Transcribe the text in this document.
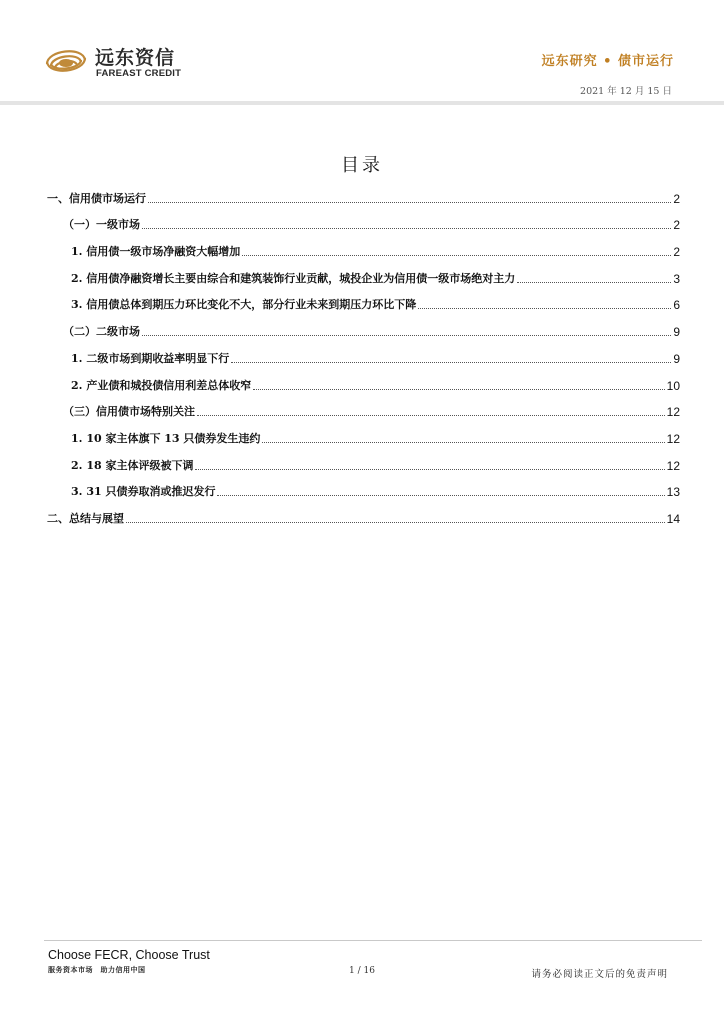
远东资信
FAREAST CREDIT
远东研究 • 债市运行
2021 年 12 月 15 日
目录
一、信用债市场运行	2
（一）一级市场	2
1. 信用债一级市场净融资大幅增加	2
2. 信用债净融资增长主要由综合和建筑装饰行业贡献，城投企业为信用债一级市场绝对主力	3
3. 信用债总体到期压力环比变化不大，部分行业未来到期压力环比下降	6
（二）二级市场	9
1. 二级市场到期收益率明显下行	9
2. 产业债和城投债信用利差总体收窄	10
（三）信用债市场特别关注	12
1. 10 家主体旗下 13 只债券发生违约	12
2. 18 家主体评级被下调	12
3. 31 只债券取消或推迟发行	13
二、总结与展望	14
Choose FECR, Choose Trust
服务资本市场　助力信用中国	1 / 16	请务必阅读正文后的免责声明
